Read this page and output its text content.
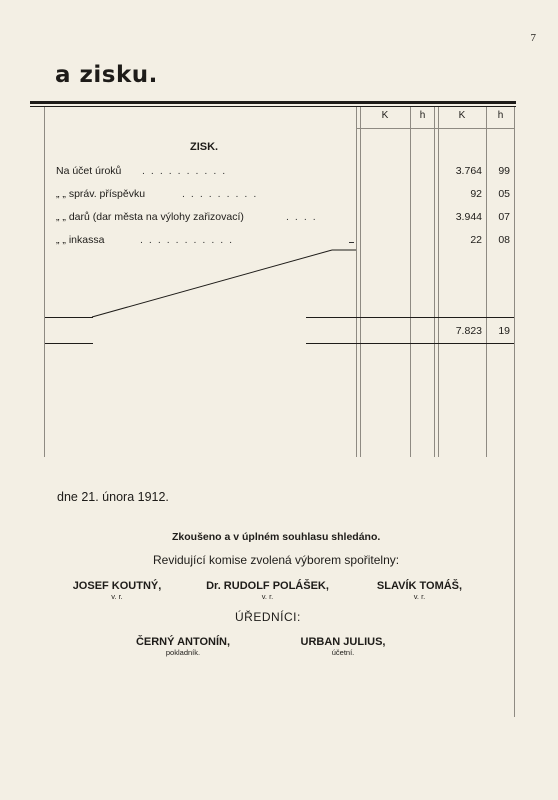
7
a zisku.
K	h	K	h
ZISK.
Na účet úroků ..........	3.764	99
„ „ správ. příspěvku	.........	92	05
„ „ darů (dar města na výlohy zařizovací)	....	3.944	07
„ „ inkassa	...........	22	08
7.823	19
dne 21. února 1912.
Zkoušeno a v úplném souhlasu shledáno.
Revidující komise zvolená výborem spořitelny:
JOSEF KOUTNÝ,
v. r.
Dr. RUDOLF POLÁŠEK,
v. r.
SLAVÍK TOMÁŠ,
v. r.
ÚŘEDNÍCI:
ČERNÝ ANTONÍN,
pokladník.
URBAN JULIUS,
účetní.
